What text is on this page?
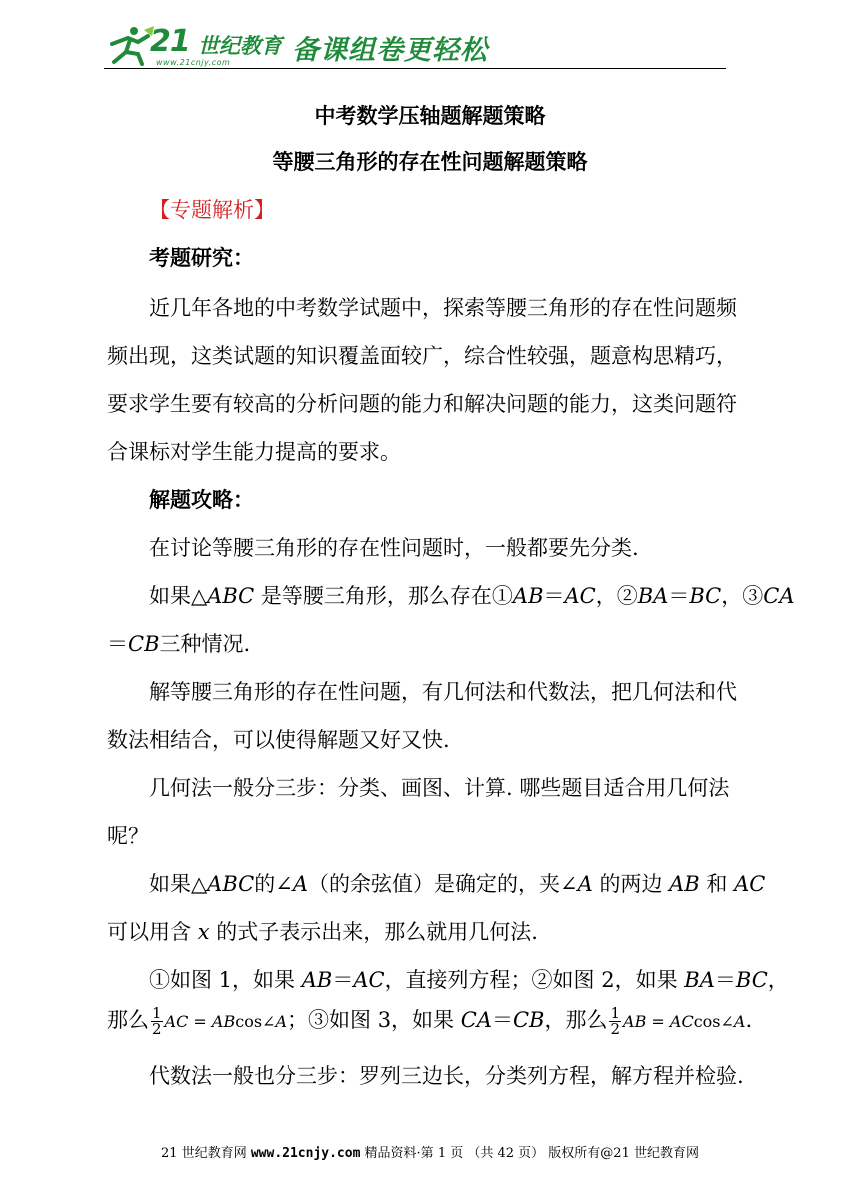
21 世纪教育
www.21cnjy.com 备课组卷更轻松
中考数学压轴题解题策略
等腰三角形的存在性问题解题策略
【专题解析】
考题研究：
近几年各地的中考数学试题中，探索等腰三角形的存在性问题频
频出现，这类试题的知识覆盖面较广，综合性较强，题意构思精巧，
要求学生要有较高的分析问题的能力和解决问题的能力，这类问题符
合课标对学生能力提高的要求。
解题攻略：
在讨论等腰三角形的存在性问题时，一般都要先分类.
如果△ABC 是等腰三角形，那么存在①AB＝AC，②BA＝BC，③CA
＝CB三种情况.
解等腰三角形的存在性问题，有几何法和代数法，把几何法和代
数法相结合，可以使得解题又好又快.
几何法一般分三步：分类、画图、计算. 哪些题目适合用几何法
呢？
如果△ABC的∠A（的余弦值）是确定的，夹∠A 的两边 AB 和 AC
可以用含 x 的式子表示出来，那么就用几何法.
①如图 1，如果 AB＝AC，直接列方程；②如图 2，如果 BA＝BC，
那么 $\frac{1}{2}$ AC = ABcos∠A；③如图 3，如果 CA＝CB，那么 $\frac{1}{2}$ AB = ACcos∠A.
代数法一般也分三步：罗列三边长，分类列方程，解方程并检验.
21 世纪教育网 www.21cnjy.com 精品资料·第 1 页 （共 42 页） 版权所有@21 世纪教育网
